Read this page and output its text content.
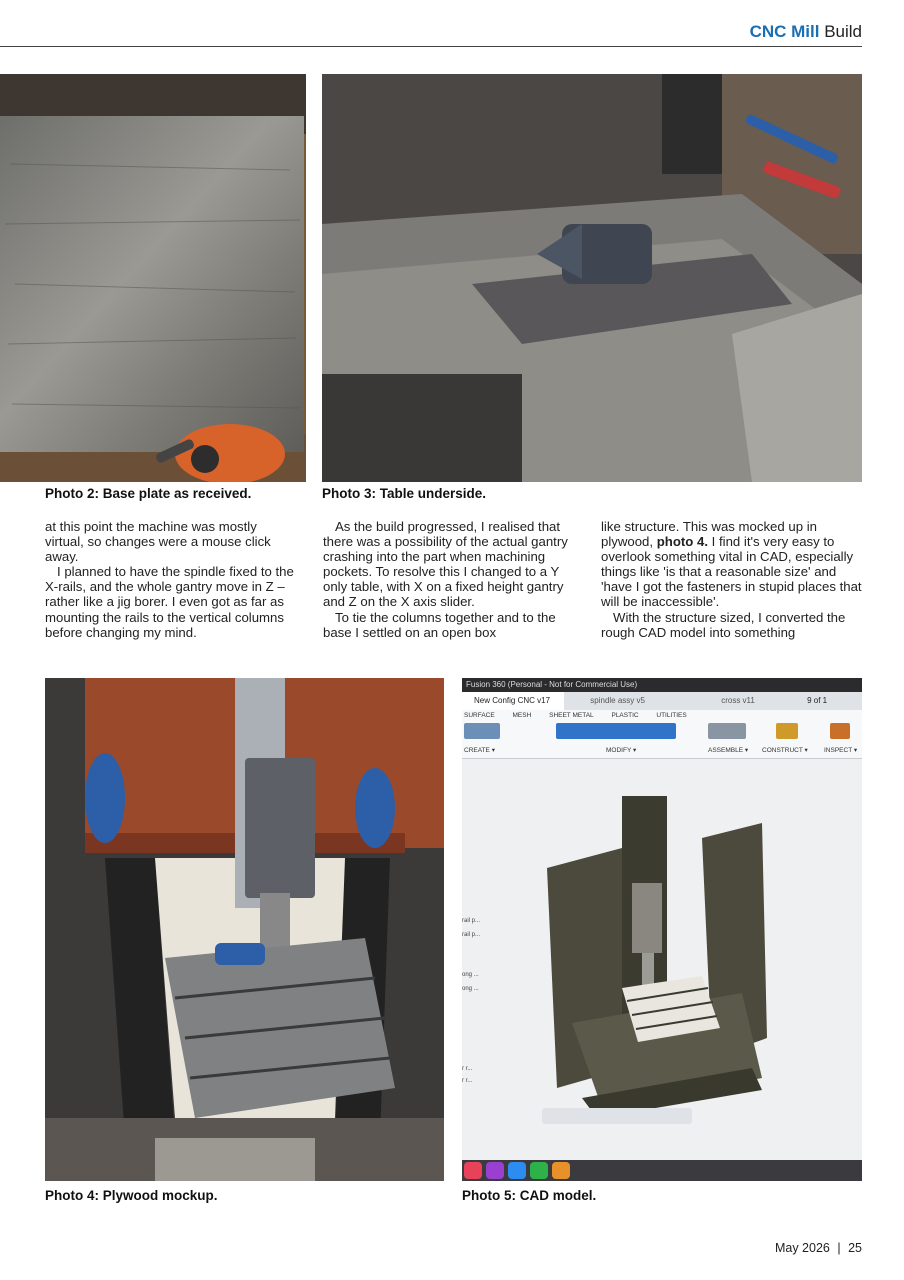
CNC Mill Build
Photo 2: Base plate as received.	Photo 3: Table underside.

at this point the machine was mostly virtual, so changes were a mouse click away.

I planned to have the spindle fixed to the X-rails, and the whole gantry move in Z – rather like a jig borer. I even got as far as mounting the rails to the vertical columns before changing my mind.

As the build progressed, I realised that there was a possibility of the actual gantry crashing into the part when machining pockets. To resolve this I changed to a Y only table, with X on a fixed height gantry and Z on the X axis slider.

To tie the columns together and to the base I settled on an open box

like structure. This was mocked up in plywood, photo 4. I find it's very easy to overlook something vital in CAD, especially things like 'is that a reasonable size' and 'have I got the fasteners in stupid places that will be inaccessible'.

With the structure sized, I converted the rough CAD model into something

Fusion 360 (Personal - Not for Commercial Use)
New Config CNC v17	spindle assy v5	cross v11	9 of 1
SURFACE	MESH	SHEET METAL	PLASTIC	UTILITIES
CREATE ▾	MODIFY ▾	ASSEMBLE ▾ CONSTRUCT ▾ INSPECT ▾
rail p...
rail p...
ong ...
ong ...
r r...
r r...
Photo 4: Plywood mockup.	Photo 5: CAD model.
May 2026 | 25
